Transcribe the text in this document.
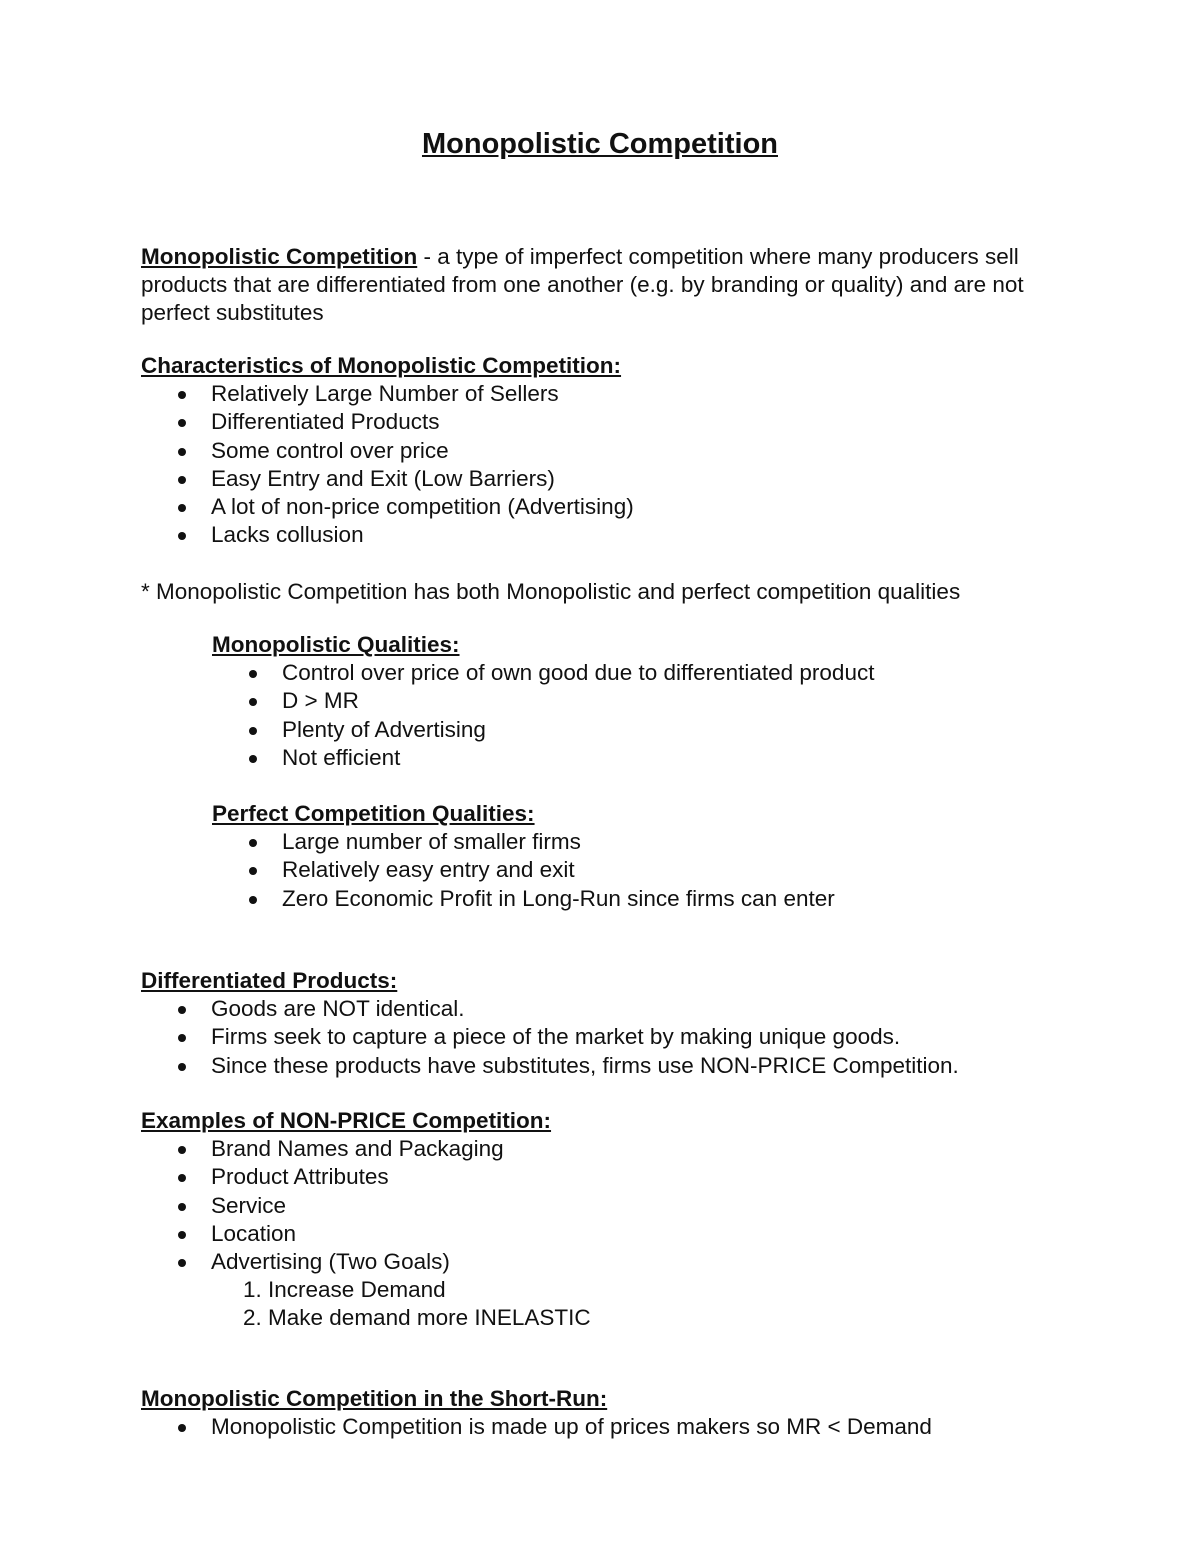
Monopolistic Competition

Monopolistic Competition - a type of imperfect competition where many producers sell products that are differentiated from one another (e.g. by branding or quality) and are not perfect substitutes

Characteristics of Monopolistic Competition:
Relatively Large Number of Sellers
Differentiated Products
Some control over price
Easy Entry and Exit (Low Barriers)
A lot of non-price competition (Advertising)
Lacks collusion

* Monopolistic Competition has both Monopolistic and perfect competition qualities

Monopolistic Qualities:
Control over price of own good due to differentiated product
D > MR
Plenty of Advertising
Not efficient
Perfect Competition Qualities:
Large number of smaller firms
Relatively easy entry and exit
Zero Economic Profit in Long-Run since firms can enter
Differentiated Products:
Goods are NOT identical.
Firms seek to capture a piece of the market by making unique goods.
Since these products have substitutes, firms use NON-PRICE Competition.
Examples of NON-PRICE Competition:
Brand Names and Packaging
Product Attributes
Service
Location
Advertising (Two Goals)
1. Increase Demand
2. Make demand more INELASTIC
Monopolistic Competition in the Short-Run:
Monopolistic Competition is made up of prices makers so MR < Demand
